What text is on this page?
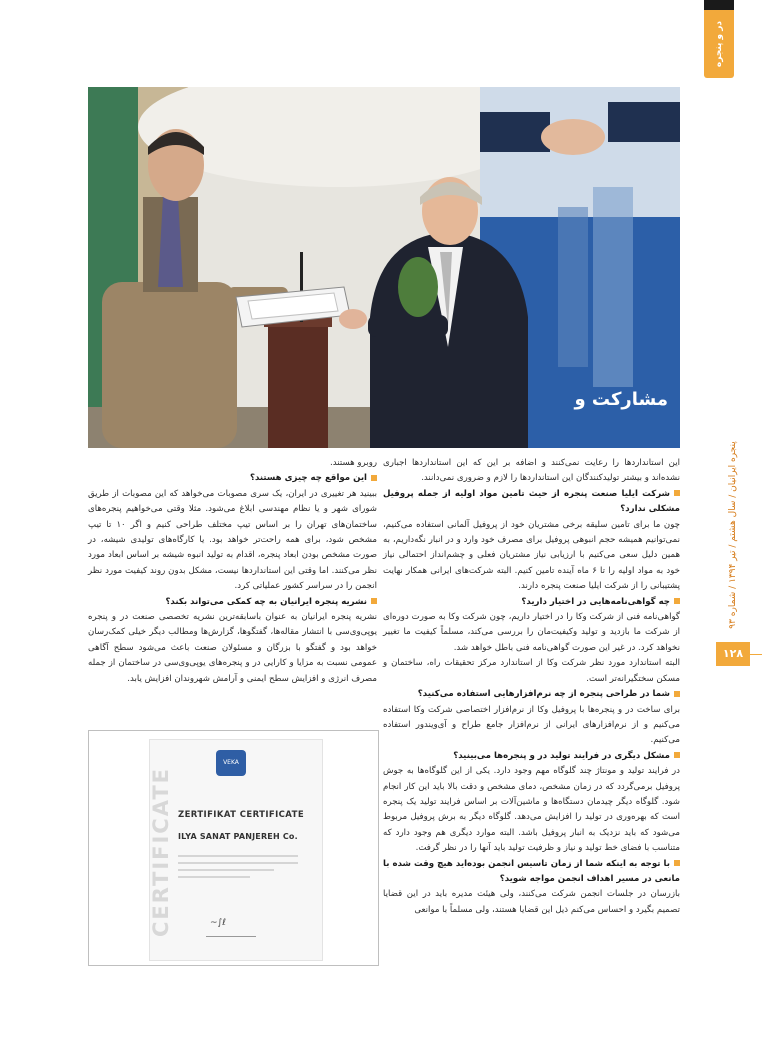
در و پنجره
پنجره ایرانیان / سال هشتم / تیر ۱۳۹۴ / شماره ۹۳
۱۲۸
مشارکت و

این استانداردها را رعایت نمی‌کنند و اضافه بر این که این استانداردها اجباری نشده‌اند و بیشتر تولیدکنندگان این استانداردها را لازم و ضروری نمی‌دانند.

شرکت ایلیا صنعت پنجره از حیث تامین مواد اولیه از جمله پروفیل مشکلی ندارد؟

چون ما برای تامین سلیقه برخی مشتریان خود از پروفیل آلمانی استفاده می‌کنیم، نمی‌توانیم همیشه حجم انبوهی پروفیل برای مصرف خود وارد و در انبار نگه‌داریم، به همین دلیل سعی می‌کنیم با ارزیابی نیاز مشتریان فعلی و چشم‌انداز احتمالی نیاز خود به مواد اولیه را تا ۶ ماه آینده تامین کنیم. البته شرکت‌های ایرانی همکار نهایت پشتیبانی را از شرکت ایلیا صنعت پنجره دارند.

چه گواهی‌نامه‌هایی در اختیار دارید؟

گواهی‌نامه فنی از شرکت وکا را در اختیار داریم، چون شرکت وکا به صورت دوره‌ای از شرکت ما بازدید و تولید وکیفیت‌مان را بررسی می‌کند، مسلماً کیفیت ما تغییر نخواهد کرد. در غیر این صورت گواهی‌نامه فنی باطل خواهد شد.

البته استاندارد مورد نظر شرکت وکا از استاندارد مرکز تحقیقات راه، ساختمان و مسکن سختگیرانه‌تر است.

شما در طراحی پنجره از چه نرم‌افزارهایی استفاده می‌کنید؟

برای ساخت در و پنجره‌ها با پروفیل وکا از نرم‌افزار اختصاصی شرکت وکا استفاده می‌کنیم و از نرم‌افزارهای ایرانی از نرم‌افزار جامع طراح و آی‌ویندور استفاده می‌کنیم.

مشکل دیگری در فرایند تولید در و پنجره‌ها می‌بینید؟

در فرایند تولید و مونتاژ چند گلوگاه مهم وجود دارد. یکی از این گلوگاه‌ها به جوش پروفیل برمی‌گردد که در زمان مشخص، دمای مشخص و دقت بالا باید این کار انجام شود. گلوگاه دیگر چیدمان دستگاه‌ها و ماشین‌آلات بر اساس فرایند تولید یک پنجره است که بهره‌وری در تولید را افزایش می‌دهد. گلوگاه دیگر به برش پروفیل مربوط می‌شود که باید نزدیک به انبار پروفیل باشد. البته موارد دیگری هم وجود دارد که متناسب با فضای خط تولید و نیاز و ظرفیت تولید باید آنها را در نظر گرفت.

با توجه به اینکه شما از زمان تاسیس انجمن بوده‌اید هیچ وقت شده با مانعی در مسیر اهداف انجمن مواجه شوید؟

بازرسان در جلسات انجمن شرکت می‌کنند، ولی هیئت مدیره باید در این قضایا تصمیم بگیرد و احساس می‌کنم ذیل این قضایا هستند، ولی مسلماً با موانعی

روبرو هستند.

این مواقع چه چیزی هستند؟

ببینید هر تغییری در ایران، یک سری مصوبات می‌خواهد که این مصوبات از طریق شورای شهر و یا نظام مهندسی ابلاغ می‌شود. مثلا وقتی می‌خواهیم پنجره‌های ساختمان‌های تهران را بر اساس تیپ مختلف طراحی کنیم و اگر ۱۰ تا تیپ مشخص شود، برای همه راحت‌تر خواهد بود. یا کارگاه‌های تولیدی شیشه، در صورت مشخص بودن ابعاد پنجره، اقدام به تولید انبوه شیشه بر اساس ابعاد مورد نظر می‌کنند. اما وقتی این استانداردها نیست، مشکل بدون روند کیفیت مورد نظر انجمن را در سراسر کشور عملیاتی کرد.

نشریه پنجره ایرانیان به چه کمکی می‌تواند بکند؟

نشریه پنجره ایرانیان به عنوان باسابقه‌ترین نشریه تخصصی صنعت در و پنجره یوپی‌وی‌سی با انتشار مقاله‌ها، گفتگوها، گزارش‌ها ومطالب دیگر خیلی کمک‌رسان خواهد بود و گفتگو با بزرگان و مسئولان صنعت باعث می‌شود سطح آگاهی عمومی نسبت به مزایا و کارایی در و پنجره‌های یوپی‌وی‌سی در ساختمان از جمله مصرف انرژی و افزایش سطح ایمنی و آرامش شهروندان افزایش یابد.

CERTIFICATE
VEKA
ZERTIFIKAT CERTIFICATE
ILYA SANAT PANJEREH Co.
~∫ℓ
